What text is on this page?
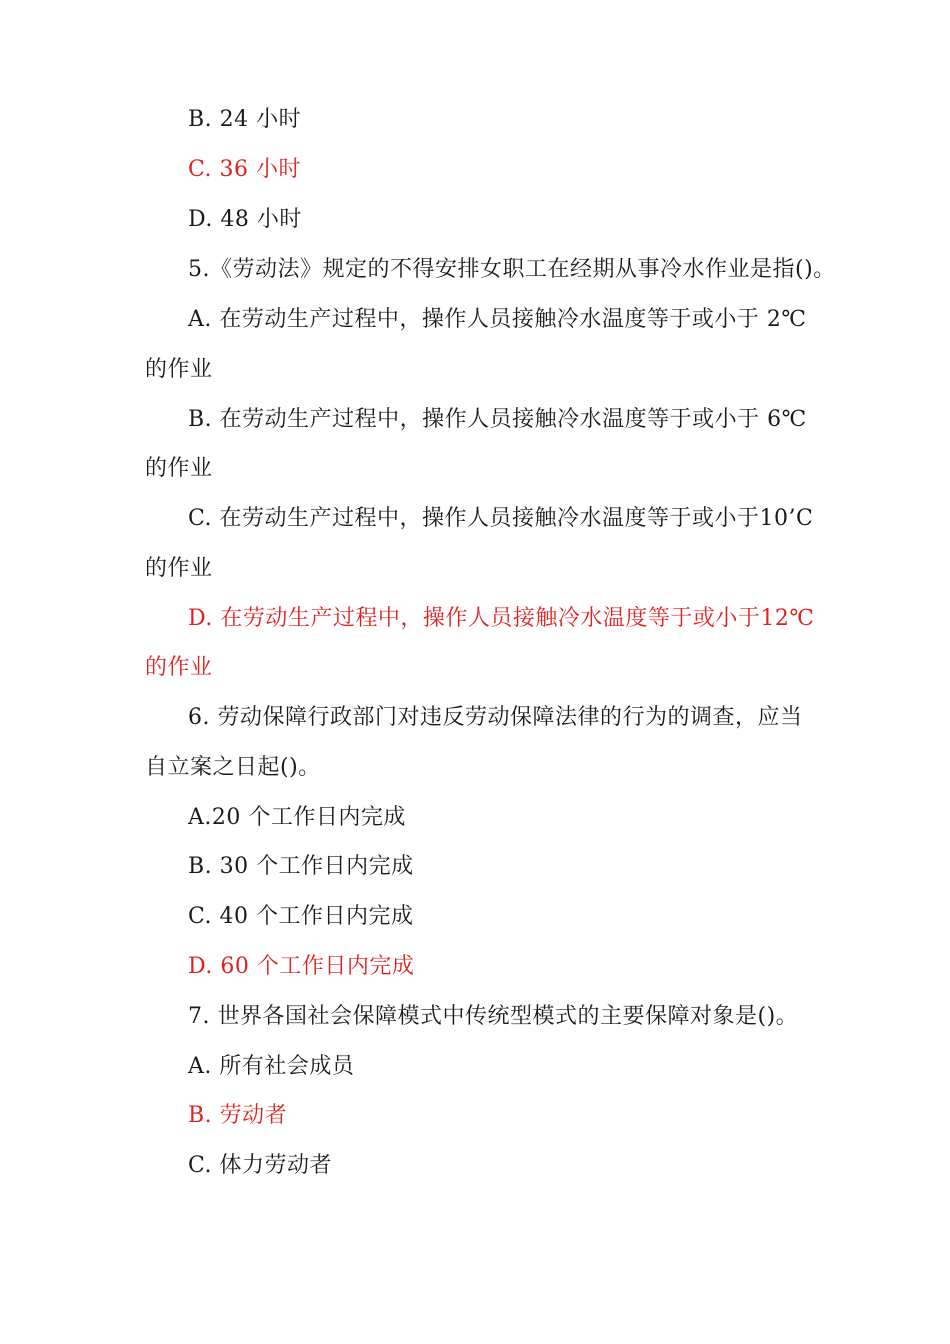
B. 24 小时
C. 36 小时
D. 48 小时
5.《劳动法》规定的不得安排女职工在经期从事冷水作业是指()。
A. 在劳动生产过程中，操作人员接触冷水温度等于或小于 2℃
的作业
B. 在劳动生产过程中，操作人员接触冷水温度等于或小于 6℃
的作业
C. 在劳动生产过程中，操作人员接触冷水温度等于或小于10’C
的作业
D. 在劳动生产过程中，操作人员接触冷水温度等于或小于12℃
的作业
6. 劳动保障行政部门对违反劳动保障法律的行为的调查，应当
自立案之日起()。
A.20 个工作日内完成
B. 30 个工作日内完成
C. 40 个工作日内完成
D. 60 个工作日内完成
7. 世界各国社会保障模式中传统型模式的主要保障对象是()。
A. 所有社会成员
B. 劳动者
C. 体力劳动者
